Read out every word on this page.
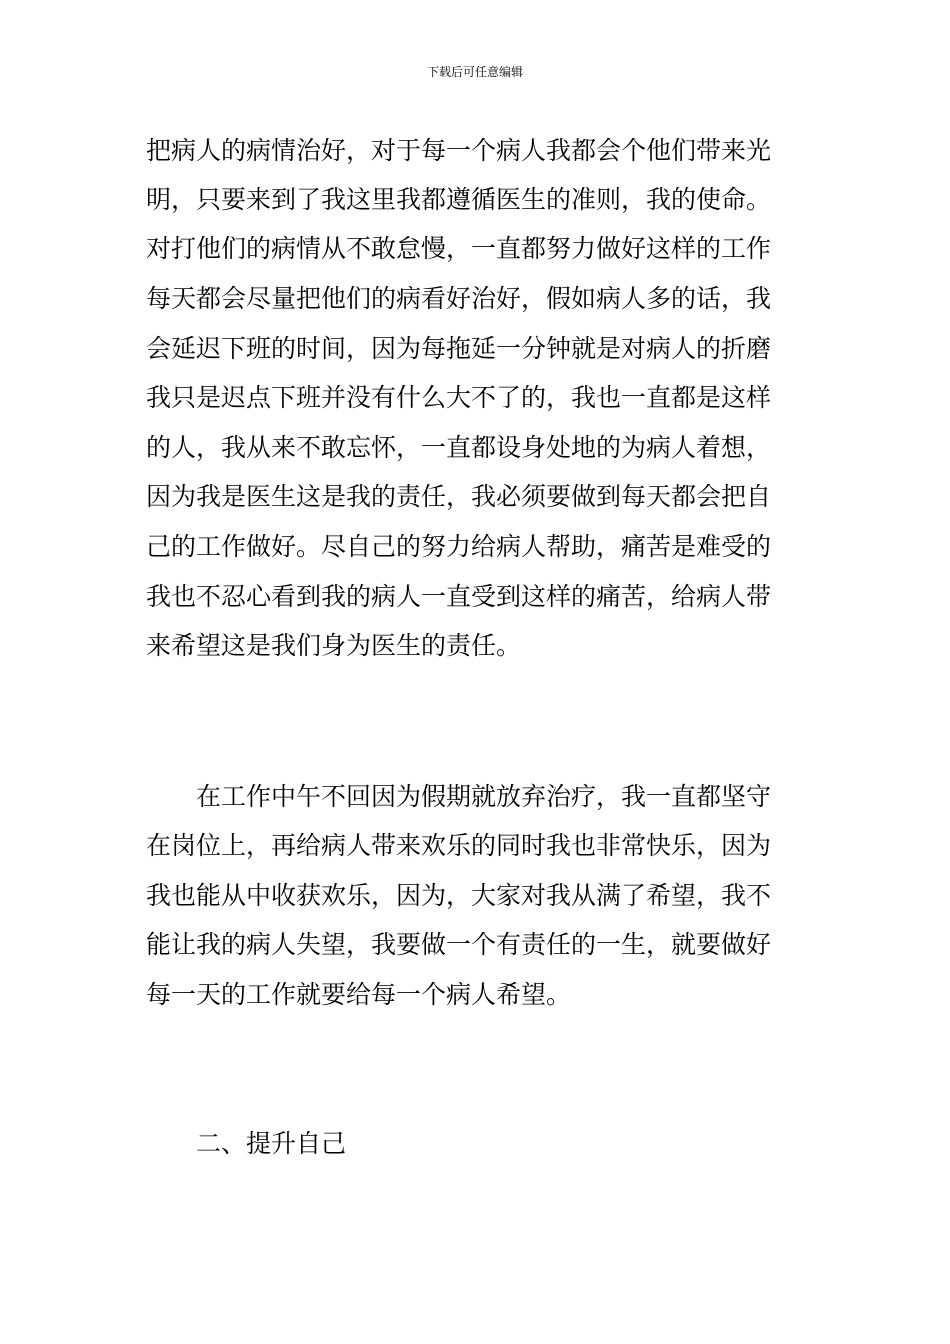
下载后可任意编辑
把病人的病情治好，对于每一个病人我都会个他们带来光
明，只要来到了我这里我都遵循医生的准则，我的使命。
对打他们的病情从不敢怠慢，一直都努力做好这样的工作
每天都会尽量把他们的病看好治好，假如病人多的话，我
会延迟下班的时间，因为每拖延一分钟就是对病人的折磨
我只是迟点下班并没有什么大不了的，我也一直都是这样
的人，我从来不敢忘怀，一直都设身处地的为病人着想，
因为我是医生这是我的责任，我必须要做到每天都会把自
己的工作做好。尽自己的努力给病人帮助，痛苦是难受的
我也不忍心看到我的病人一直受到这样的痛苦，给病人带
来希望这是我们身为医生的责任。
在工作中午不回因为假期就放弃治疗，我一直都坚守
在岗位上，再给病人带来欢乐的同时我也非常快乐，因为
我也能从中收获欢乐，因为，大家对我从满了希望，我不
能让我的病人失望，我要做一个有责任的一生，就要做好
每一天的工作就要给每一个病人希望。
二、提升自己
